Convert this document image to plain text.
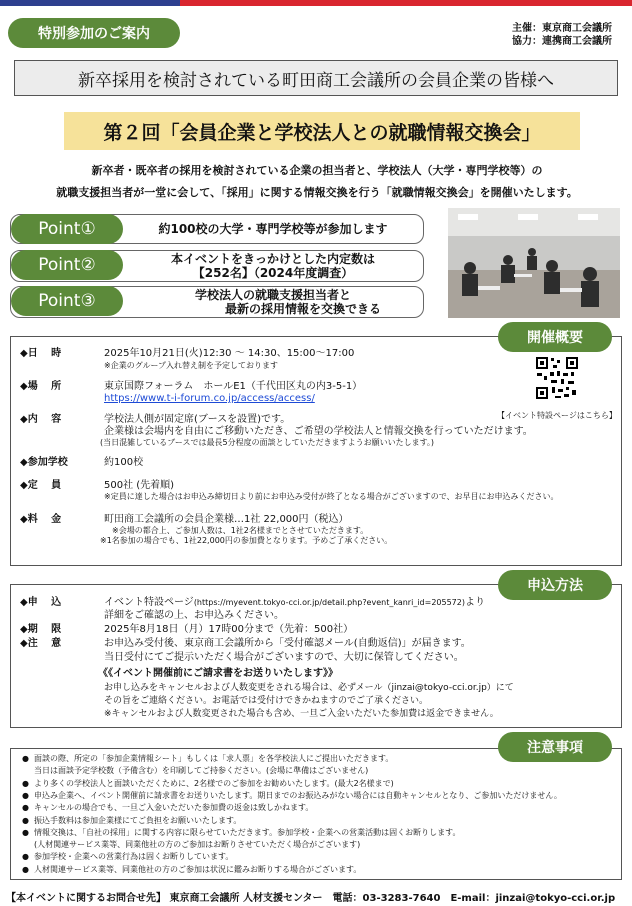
特別参加のご案内	主催：東京商工会議所
協力：連携商工会議所
新卒採用を検討されている町田商工会議所の会員企業の皆様へ
第２回「会員企業と学校法人との就職情報交換会」
新卒者・既卒者の採用を検討されている企業の担当者と、学校法人（大学・専門学校等）の
就職支援担当者が一堂に会して、「採用」に関する情報交換を行う「就職情報交換会」を開催いたします。
Point①	約100校の大学・専門学校等が参加します
Point②	本イベントをきっかけとした内定数は
【252名】（2024年度調査）
Point③	学校法人の就職支援担当者と
最新の採用情報を交換できる
開催概要
◆日　 時	2025年10月21日(火)12:30 ～ 14:30、15:00～17:00
※企業のグループ入れ替え制を予定しております
◆場　 所	東京国際フォーラム　ホールE1（千代田区丸の内3-5-1）
https://www.t-i-forum.co.jp/access/access/
【イベント特設ページはこちら】
◆内　 容	学校法人側が固定席(ブースを設置)です。
企業様は会場内を自由にご移動いただき、ご希望の学校法人と情報交換を行っていただけます。
(当日混雑しているブースでは最長5分程度の面談としていただきますようお願いいたします。)
◆参加学校	約100校
◆定　 員	500社 (先着順)
※定員に達した場合はお申込み締切日より前にお申込み受付が終了となる場合がございますので、お早目にお申込みください。
◆料　 金	町田商工会議所の会員企業様…1社 22,000円（税込）
※会場の都合上、ご参加人数は、1社2名様までとさせていただきます。
※1名参加の場合でも、1社22,000円の参加費となります。予めご了承ください。
申込方法
◆申　 込	イベント特設ページ(https://myevent.tokyo-cci.or.jp/detail.php?event_kanri_id=205572)より
詳細をご確認の上、お申込みください。
◆期　 限	2025年8月18日（月）17時00分まで（先着：500社）
◆注　 意	お申込み受付後、東京商工会議所から「受付確認メール(自動返信)」が届きます。
当日受付にてご提示いただく場合がございますので、大切に保管してください。
《《イベント開催前にご請求書をお送りいたします》》
お申し込みをキャンセルおよび人数変更をされる場合は、必ずメール（jinzai@tokyo-cci.or.jp）にて
その旨をご連絡ください。お電話では受付けできかねますのでご了承ください。
※キャンセルおよび人数変更された場合も含め、一旦ご入金いただいた参加費は返金できません。
注意事項
● 面談の際、所定の「参加企業情報シート」もしくは「求人票」を各学校法人にご提出いただきます。
当日は面談予定学校数（予備含む）を印刷してご持参ください。(会場に準備はございません)
● より多くの学校法人と面談いただくために、2名様でのご参加をお勧めいたします。(最大2名様まで)
● 申込み企業へ、イベント開催前に請求書をお送りいたします。期日までのお振込みがない場合には自動キャンセルとなり、ご参加いただけません。
● キャンセルの場合でも、一旦ご入金いただいた参加費の返金は致しかねます。
● 振込手数料は参加企業様にてご負担をお願いいたします。
● 情報交換は、「自社の採用」に関する内容に限らせていただきます。参加学校・企業への営業活動は固くお断りします。
(人材関連サービス業等、同業他社の方のご参加はお断りさせていただく場合がございます)
● 参加学校・企業への営業行為は固くお断りしています。
● 人材関連サービス業等、同業他社の方のご参加は状況に鑑みお断りする場合がございます。
【本イベントに関するお問合せ先】 東京商工会議所 人材支援センター　電話：03-3283-7640　E-mail：jinzai@tokyo-cci.or.jp
